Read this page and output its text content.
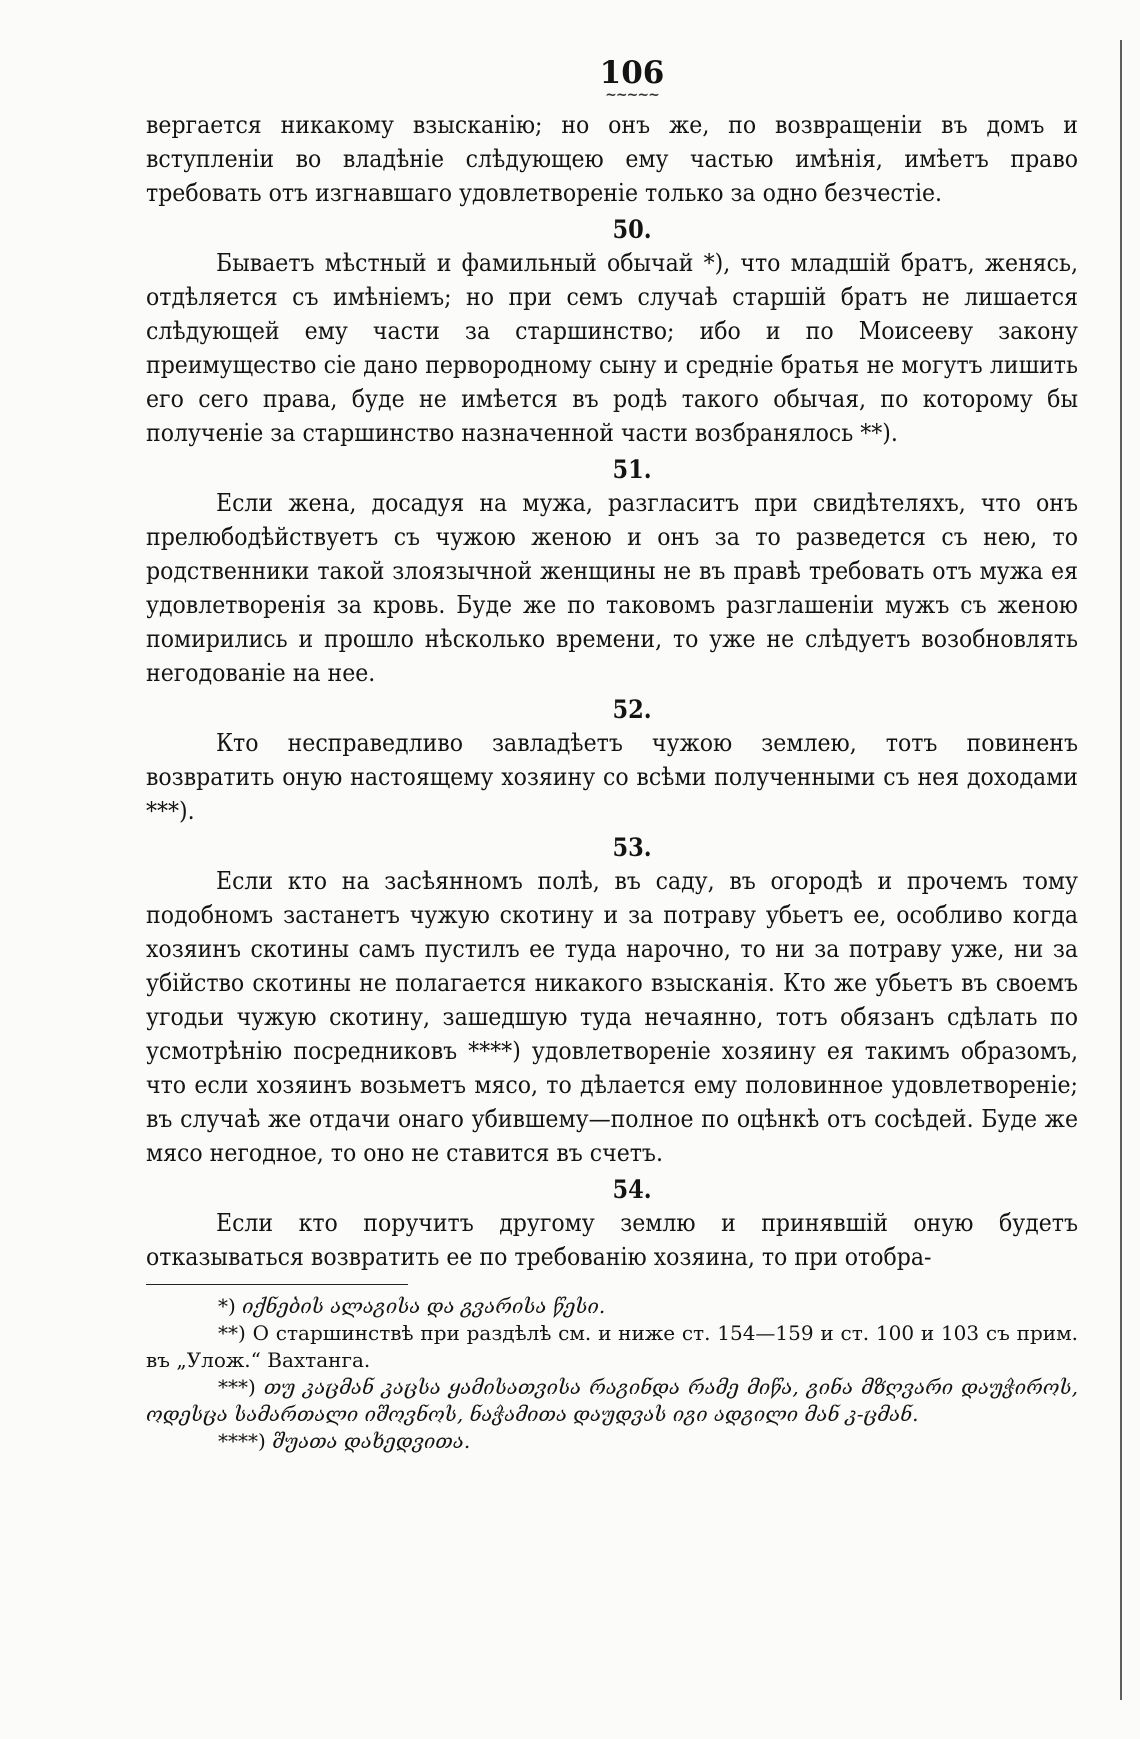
106
~~~~~

вергается никакому взысканію; но онъ же, по возвращеніи въ домъ и вступленіи во владѣніе слѣдующею ему частью имѣнія, имѣетъ право требовать отъ изгнавшаго удовлетвореніе только за одно безчестіе.

50.

Бываетъ мѣстный и фамильный обычай *), что младшій братъ, женясь, отдѣляется съ имѣніемъ; но при семъ случаѣ старшій братъ не лишается слѣдующей ему части за старшинство; ибо и по Моисееву закону преимущество сіе дано первородному сыну и средніе братья не могутъ лишить его сего права, буде не имѣется въ родѣ такого обычая, по которому бы полученіе за старшинство назначенной части возбранялось **).

51.

Если жена, досадуя на мужа, разгласитъ при свидѣтеляхъ, что онъ прелюбодѣйствуетъ съ чужою женою и онъ за то разведется съ нею, то родственники такой злоязычной женщины не въ правѣ требовать отъ мужа ея удовлетворенія за кровь. Буде же по таковомъ разглашеніи мужъ съ женою помирились и прошло нѣсколько времени, то уже не слѣдуетъ возобновлять негодованіе на нее.

52.

Кто несправедливо завладѣетъ чужою землею, тотъ повиненъ возвратить оную настоящему хозяину со всѣми полученными съ нея доходами ***).

53.

Если кто на засѣянномъ полѣ, въ саду, въ огородѣ и прочемъ тому подобномъ застанетъ чужую скотину и за потраву убьетъ ее, особливо когда хозяинъ скотины самъ пустилъ ее туда нарочно, то ни за потраву уже, ни за убійство скотины не полагается никакого взысканія. Кто же убьетъ въ своемъ угодьи чужую скотину, зашедшую туда нечаянно, тотъ обязанъ сдѣлать по усмотрѣнію посредниковъ ****) удовлетвореніе хозяину ея такимъ образомъ, что если хозяинъ возьметъ мясо, то дѣлается ему половинное удовлетвореніе; въ случаѣ же отдачи онаго убившему—полное по оцѣнкѣ отъ сосѣдей. Буде же мясо негодное, то оно не ставится въ счетъ.

54.

Если кто поручитъ другому землю и принявшій оную будетъ отказываться возвратить ее по требованію хозяина, то при отобра-

*) იქნების ალაგისა და გვარისა წესი.

**) О старшинствѣ при раздѣлѣ см. и ниже ст. 154—159 и ст. 100 и 103 съ прим. въ „Улож.“ Вахтанга.

***) თუ კაცმან კაცსა ყამისათვისა რაგინდა რამე მიწა, გინა მზღვარი დაუჭიროს, ოდესცა სამართალი იშოვნოს, ნაჭამითა დაუდვას იგი ადგილი მან კ-ცმან.

****) შუათა დახედვითა.
